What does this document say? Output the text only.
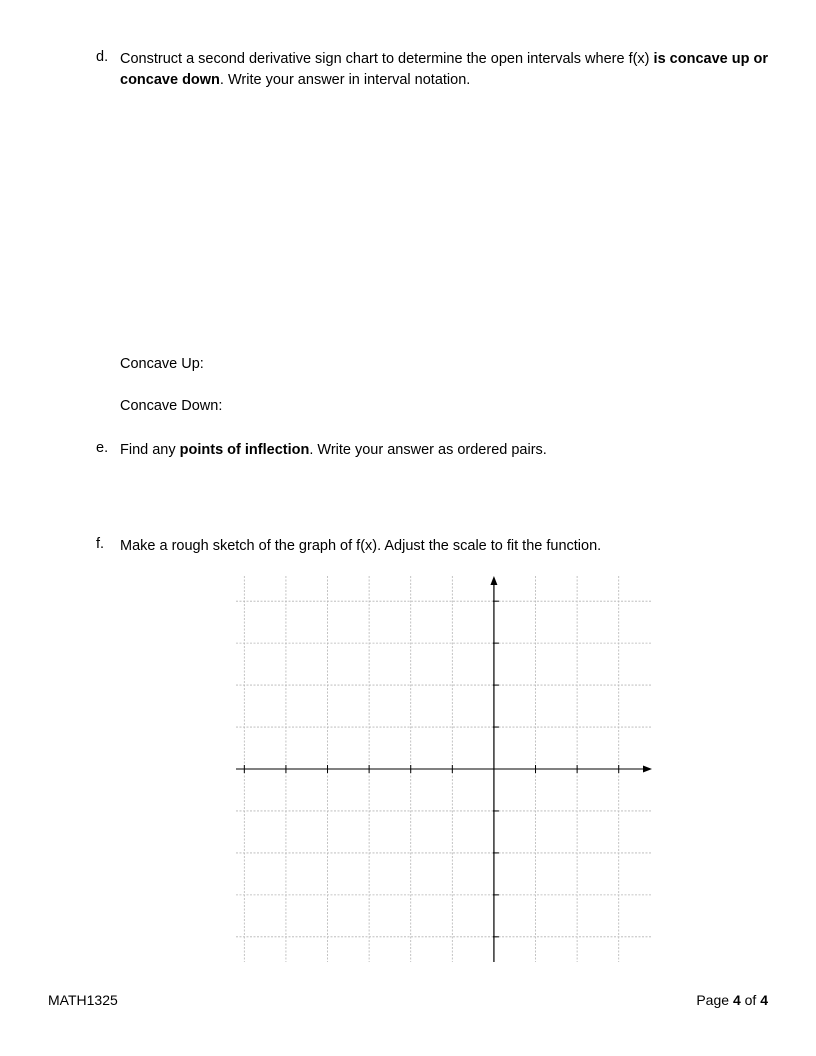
d. Construct a second derivative sign chart to determine the open intervals where f(x) is concave up or concave down. Write your answer in interval notation.
Concave Up:
Concave Down:
e. Find any points of inflection. Write your answer as ordered pairs.
f. Make a rough sketch of the graph of f(x). Adjust the scale to fit the function.
MATH1325	Page 4 of 4
